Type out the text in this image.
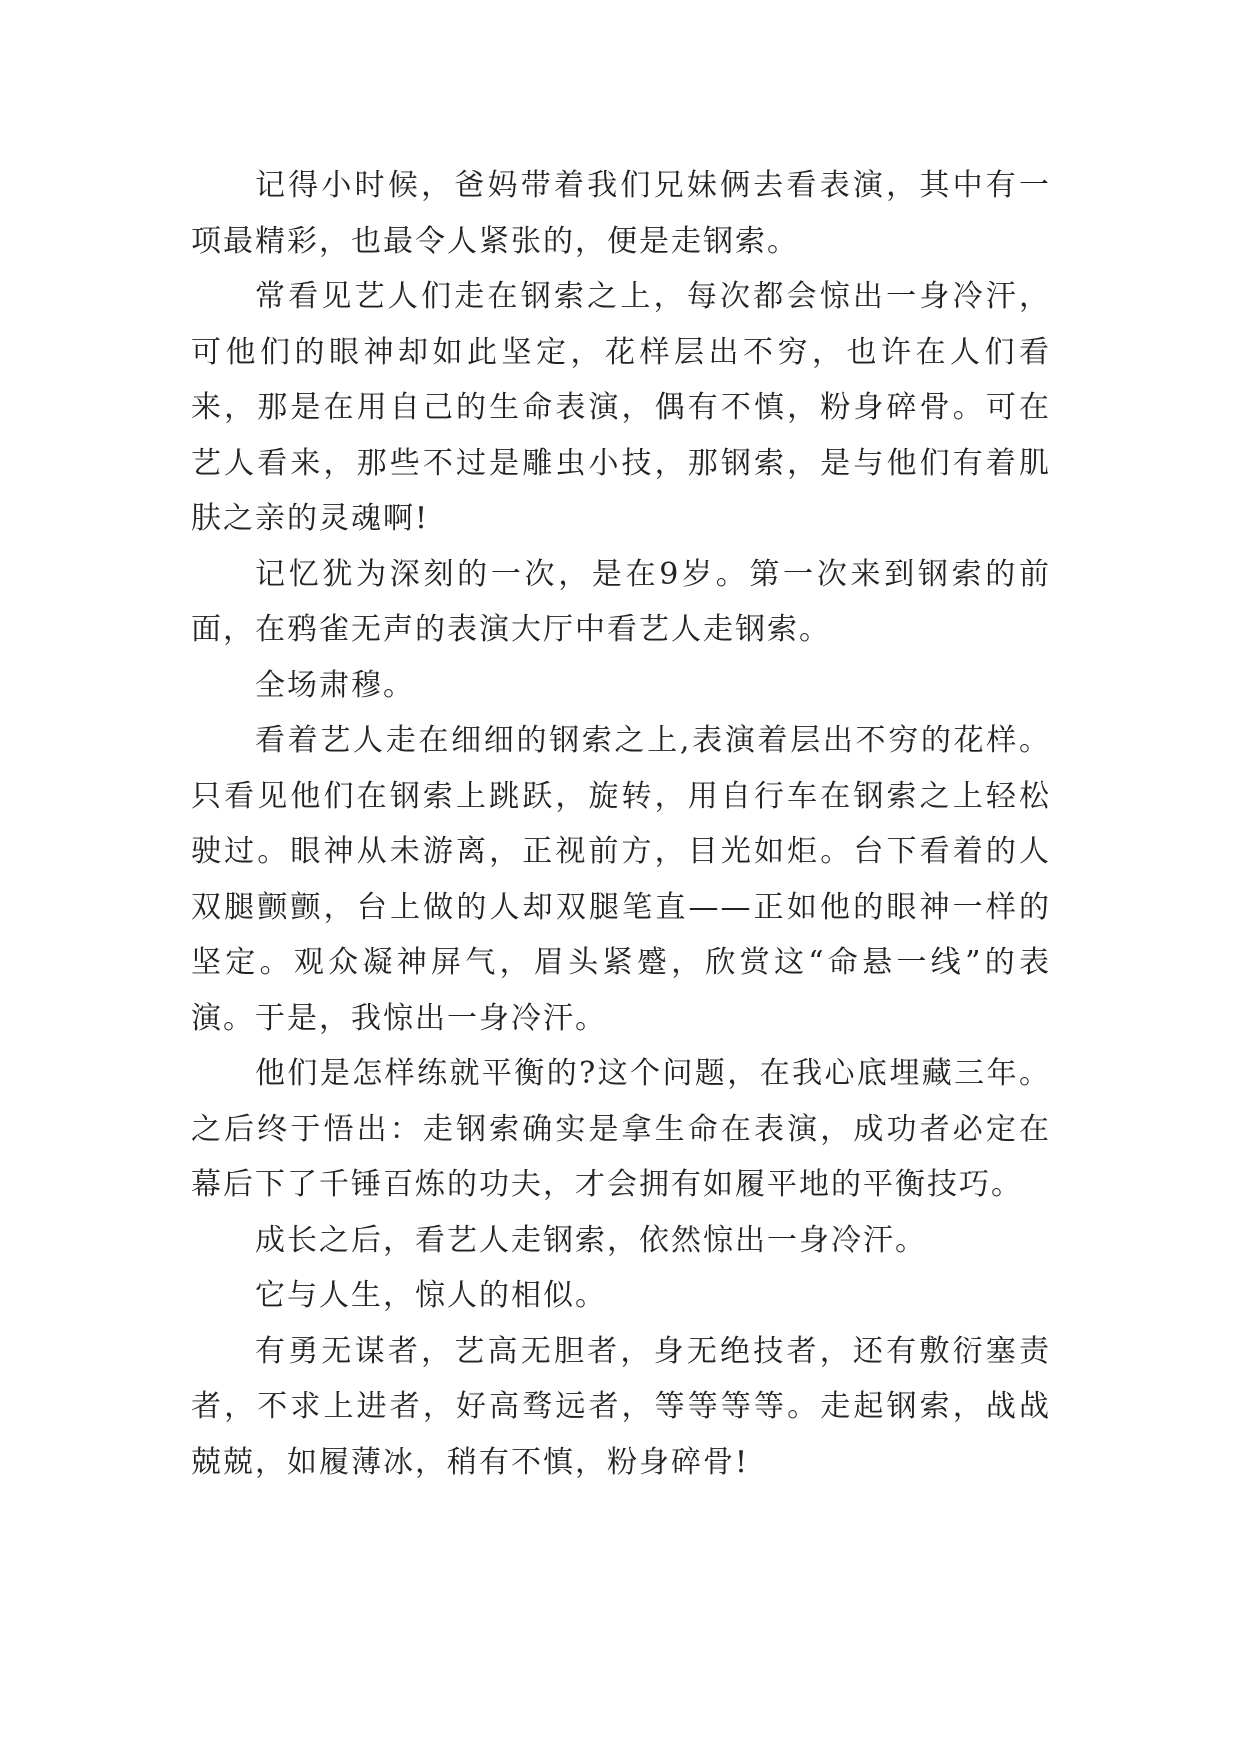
记得小时候，爸妈带着我们兄妹俩去看表演，其中有一项最精彩，也最令人紧张的，便是走钢索。

常看见艺人们走在钢索之上，每次都会惊出一身冷汗，可他们的眼神却如此坚定，花样层出不穷，也许在人们看来，那是在用自己的生命表演，偶有不慎，粉身碎骨。可在艺人看来，那些不过是雕虫小技，那钢索，是与他们有着肌肤之亲的灵魂啊!

记忆犹为深刻的一次，是在9岁。第一次来到钢索的前面，在鸦雀无声的表演大厅中看艺人走钢索。

全场肃穆。

看着艺人走在细细的钢索之上,表演着层出不穷的花样。只看见他们在钢索上跳跃，旋转，用自行车在钢索之上轻松驶过。眼神从未游离，正视前方，目光如炬。台下看着的人双腿颤颤，台上做的人却双腿笔直——正如他的眼神一样的坚定。观众凝神屏气，眉头紧蹙，欣赏这“命悬一线”的表演。于是，我惊出一身冷汗。

他们是怎样练就平衡的?这个问题，在我心底埋藏三年。之后终于悟出：走钢索确实是拿生命在表演，成功者必定在幕后下了千锤百炼的功夫，才会拥有如履平地的平衡技巧。

成长之后，看艺人走钢索，依然惊出一身冷汗。

它与人生，惊人的相似。

有勇无谋者，艺高无胆者，身无绝技者，还有敷衍塞责者，不求上进者，好高骛远者，等等等等。走起钢索，战战兢兢，如履薄冰，稍有不慎，粉身碎骨!
